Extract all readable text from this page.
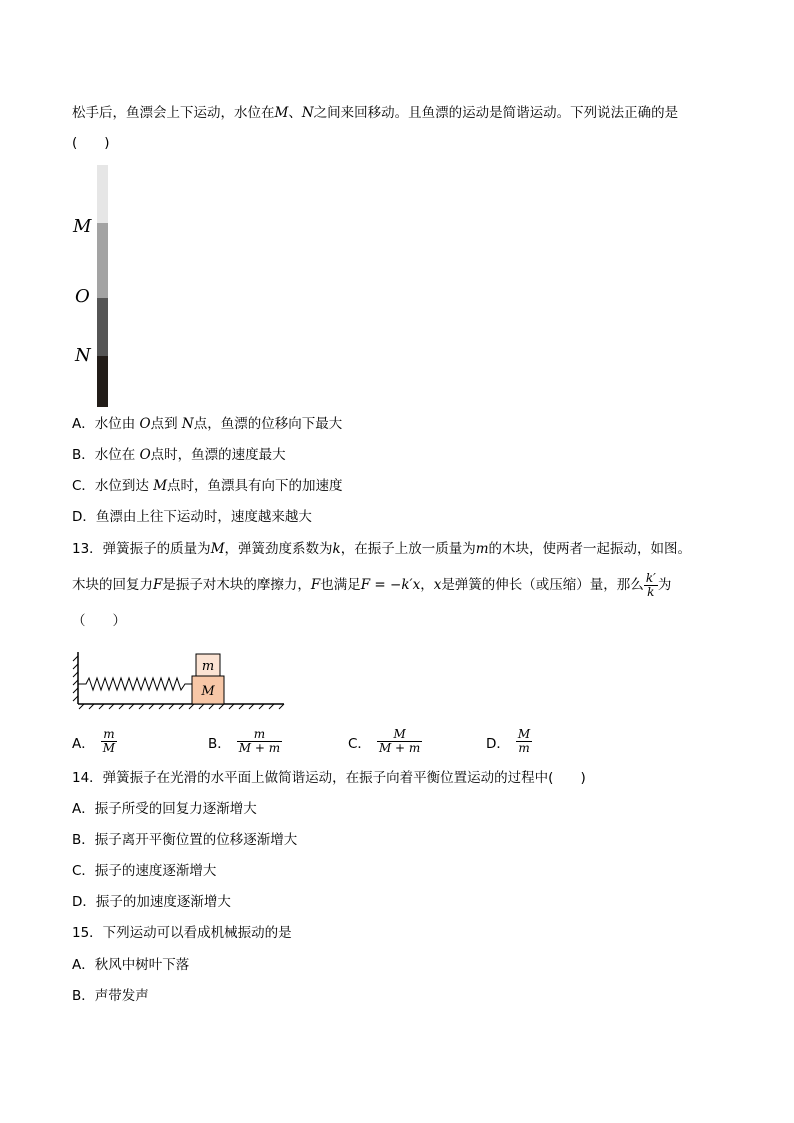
松手后，鱼漂会上下运动，水位在M、N之间来回移动。且鱼漂的运动是简谐运动。下列说法正确的是
(　　)
M
O
N
A．水位由 O点到 N点，鱼漂的位移向下最大
B．水位在 O点时，鱼漂的速度最大
C．水位到达 M点时，鱼漂具有向下的加速度
D．鱼漂由上往下运动时，速度越来越大
13．弹簧振子的质量为M，弹簧劲度系数为k，在振子上放一质量为m的木块，使两者一起振动，如图。
木块的回复力F是振子对木块的摩擦力，F也满足F = −k′x，x是弹簧的伸长（或压缩）量，那么 $\frac{k'}{k}$ 为
（　　）
m
M
A． $\frac{m}{M}$	B． $\frac{m}{M + m}$	C． $\frac{M}{M + m}$	D． $\frac{M}{m}$
14．弹簧振子在光滑的水平面上做简谐运动，在振子向着平衡位置运动的过程中(　　)
A．振子所受的回复力逐渐增大
B．振子离开平衡位置的位移逐渐增大
C．振子的速度逐渐增大
D．振子的加速度逐渐增大
15．下列运动可以看成机械振动的是
A．秋风中树叶下落
B．声带发声
